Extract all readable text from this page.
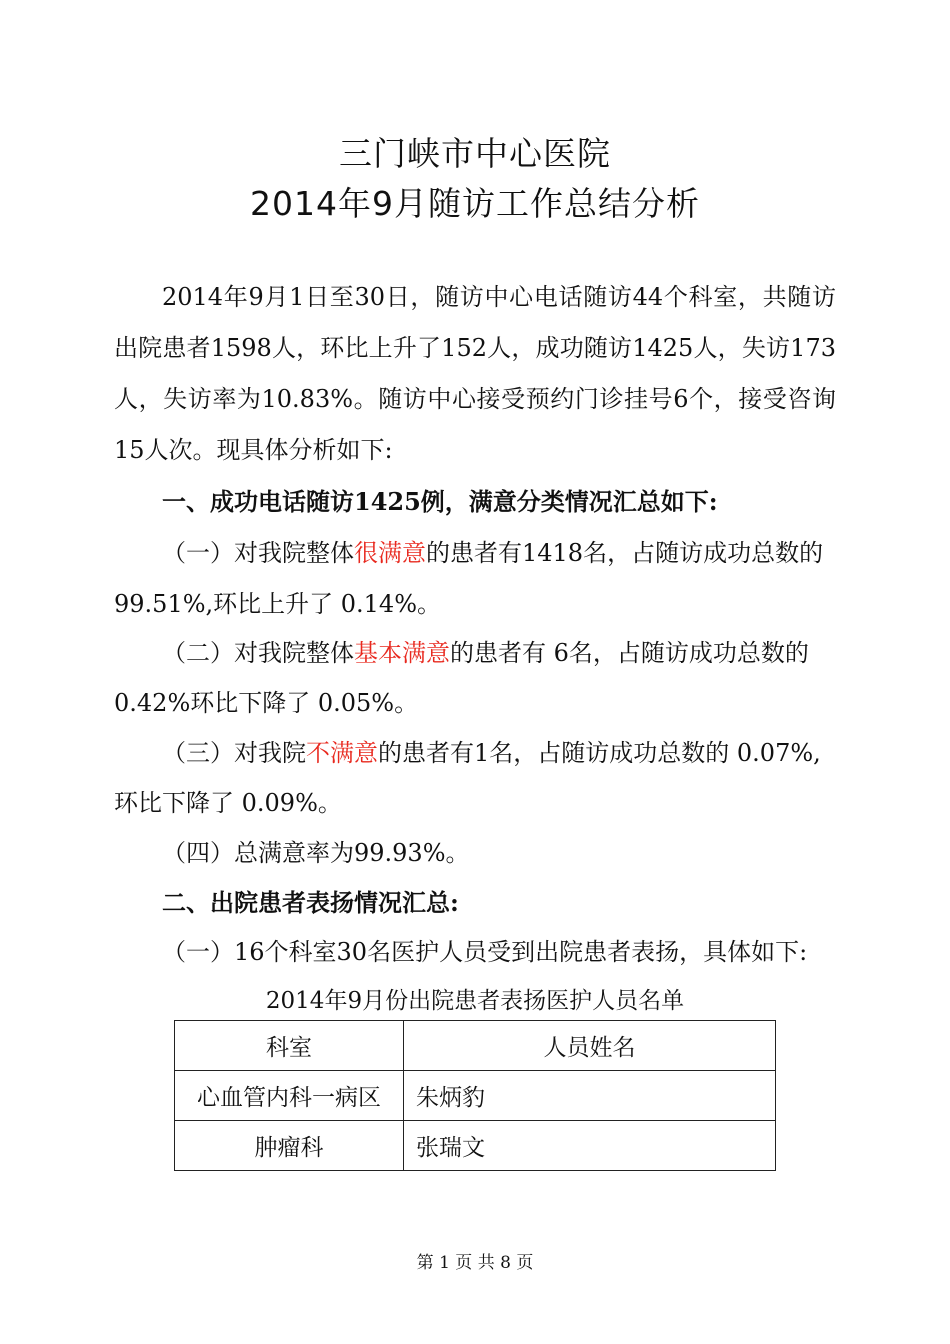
三门峡市中心医院
2014年9月随访工作总结分析

2014年9月1日至30日，随访中心电话随访44个科室，共随访出院患者1598人，环比上升了152人，成功随访1425人，失访173人，失访率为10.83%。随访中心接受预约门诊挂号6个，接受咨询15人次。现具体分析如下:

一、成功电话随访1425例，满意分类情况汇总如下:
（一）对我院整体很满意的患者有1418名，占随访成功总数的
99.51%,环比上升了 0.14%。
（二）对我院整体基本满意的患者有 6名，占随访成功总数的
0.42%环比下降了 0.05%。
（三）对我院不满意的患者有1名，占随访成功总数的 0.07%,
环比下降了 0.09%。
（四）总满意率为99.93%。
二、出院患者表扬情况汇总:
（一）16个科室30名医护人员受到出院患者表扬，具体如下:
2014年9月份出院患者表扬医护人员名单
科室	人员姓名
心血管内科一病区	朱炳豹
肿瘤科	张瑞文
第 1 页 共 8 页
